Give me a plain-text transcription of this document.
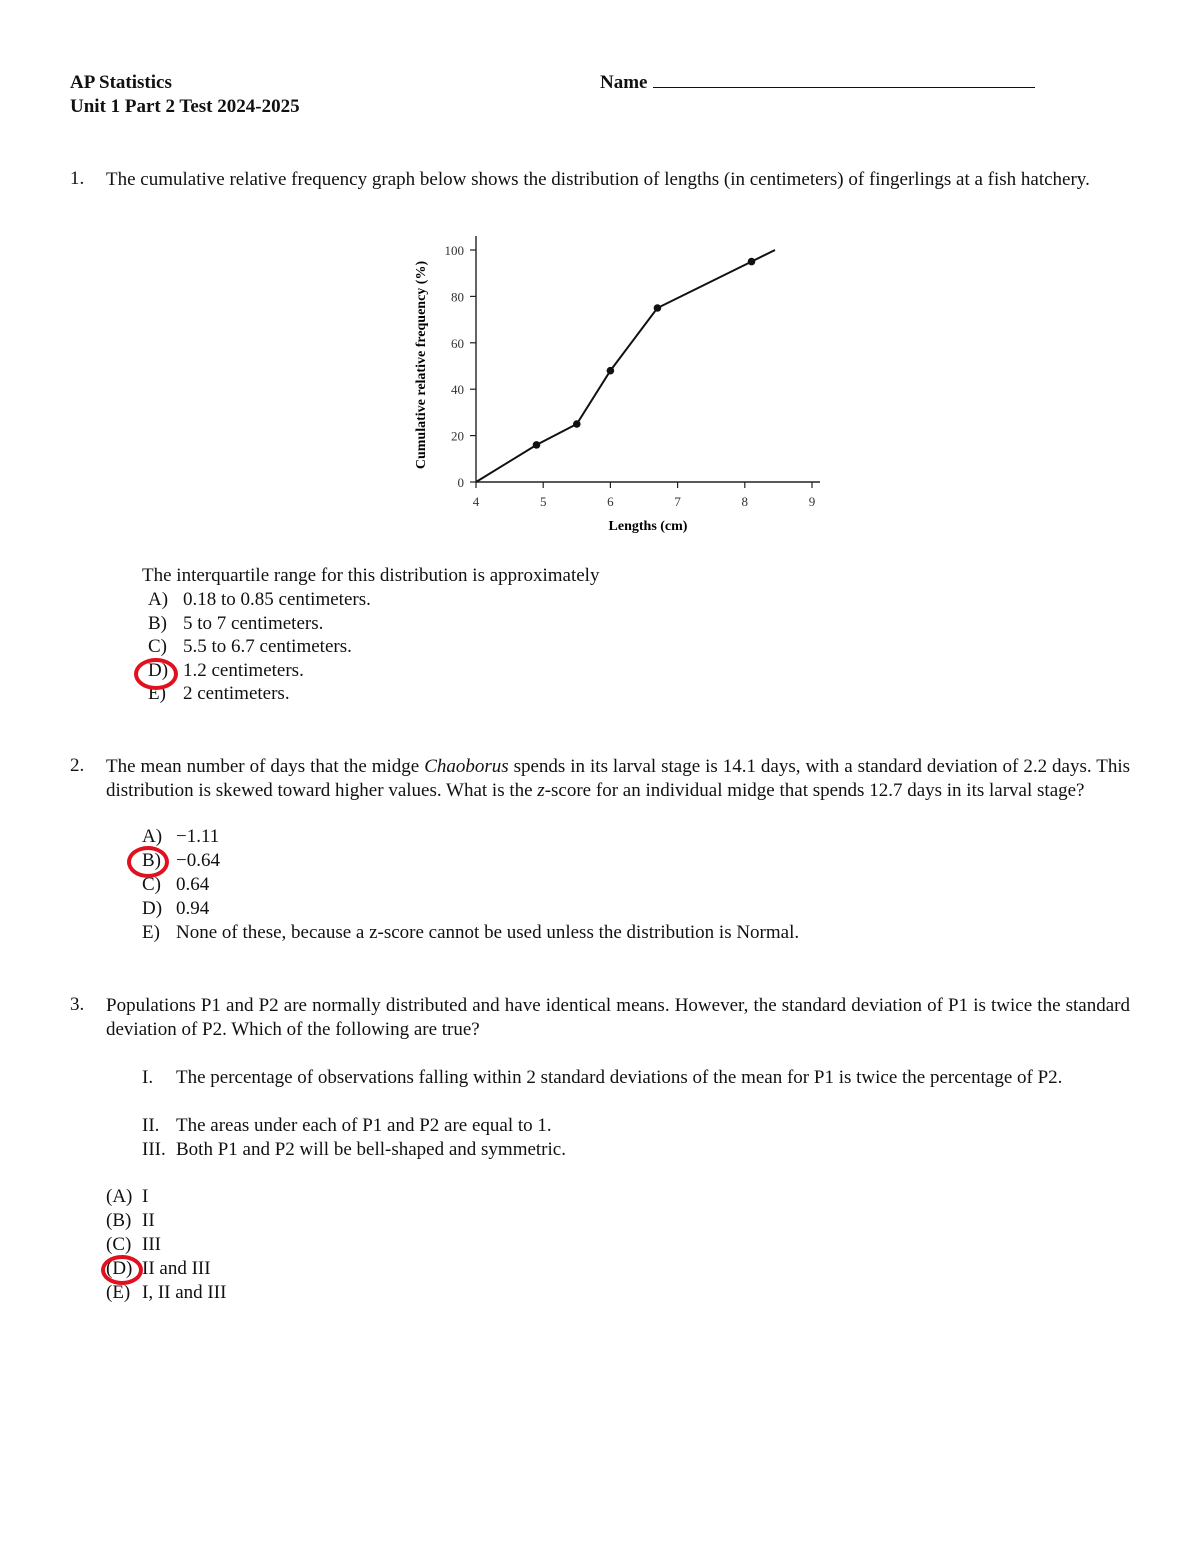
AP Statistics
Unit 1 Part 2 Test 2024-2025
Name
1. The cumulative relative frequency graph below shows the distribution of lengths (in centimeters) of fingerlings at a fish hatchery.
4	5	6	7	8	9
0
20
40
60
80
100
Lengths (cm)
Cumulative relative frequency (%)
The interquartile range for this distribution is approximately
A) 0.18 to 0.85 centimeters.
B) 5 to 7 centimeters.
C) 5.5 to 6.7 centimeters.
D) 1.2 centimeters.
E) 2 centimeters.
2. The mean number of days that the midge Chaoborus spends in its larval stage is 14.1 days, with a standard deviation of 2.2 days. This distribution is skewed toward higher values. What is the z-score for an individual midge that spends 12.7 days in its larval stage?
A) −1.11
B) −0.64
C) 0.64
D) 0.94
E) None of these, because a z-score cannot be used unless the distribution is Normal.
3. Populations P1 and P2 are normally distributed and have identical means. However, the standard deviation of P1 is twice the standard deviation of P2. Which of the following are true?
I. The percentage of observations falling within 2 standard deviations of the mean for P1 is twice the percentage of P2.
II. The areas under each of P1 and P2 are equal to 1.
III. Both P1 and P2 will be bell-shaped and symmetric.
(A) I
(B) II
(C) III
(D) II and III
(E) I, II and III
